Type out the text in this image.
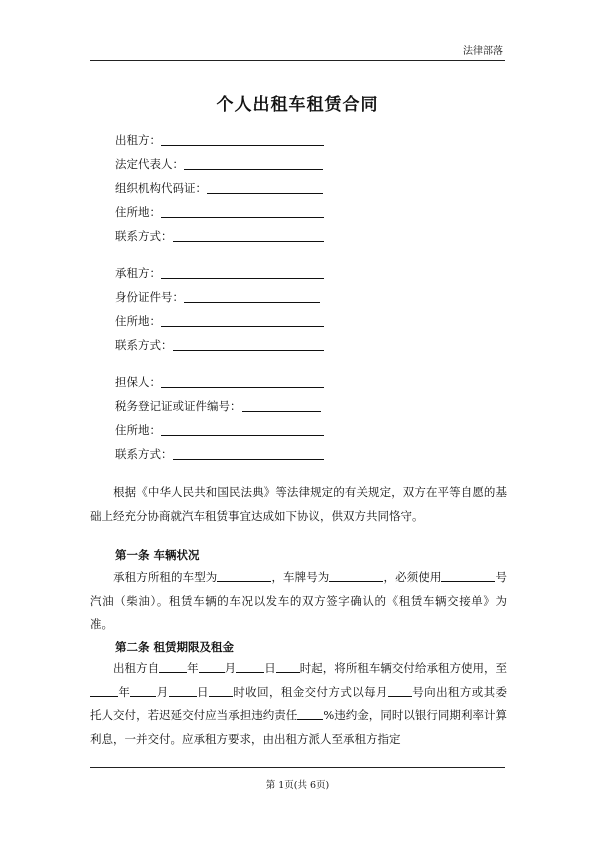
法律部落
个人出租车租赁合同
出租方：
法定代表人：
组织机构代码证：
住所地：
联系方式：
承租方：
身份证件号：
住所地：
联系方式：
担保人：
税务登记证或证件编号：
住所地：
联系方式：
根据《中华人民共和国民法典》等法律规定的有关规定，双方在平等自愿的基础上经充分协商就汽车租赁事宜达成如下协议，供双方共同恪守。
第一条 车辆状况
承租方所租的车型为	，车牌号为	，必须使用	号汽油（柴油）。租赁车辆的车况以发车的双方签字确认的《租赁车辆交接单》为准。
第二条 租赁期限及租金
出租方自 年 月 日 时起，将所租车辆交付给承租方使用，至年 月 日 时收回，租金交付方式以每月 号向出租方或其委托人交付，若迟延交付应当承担违约责任 %违约金，同时以银行同期利率计算利息，一并交付。应承租方要求，由出租方派人至承租方指定
第 1页(共 6页)
